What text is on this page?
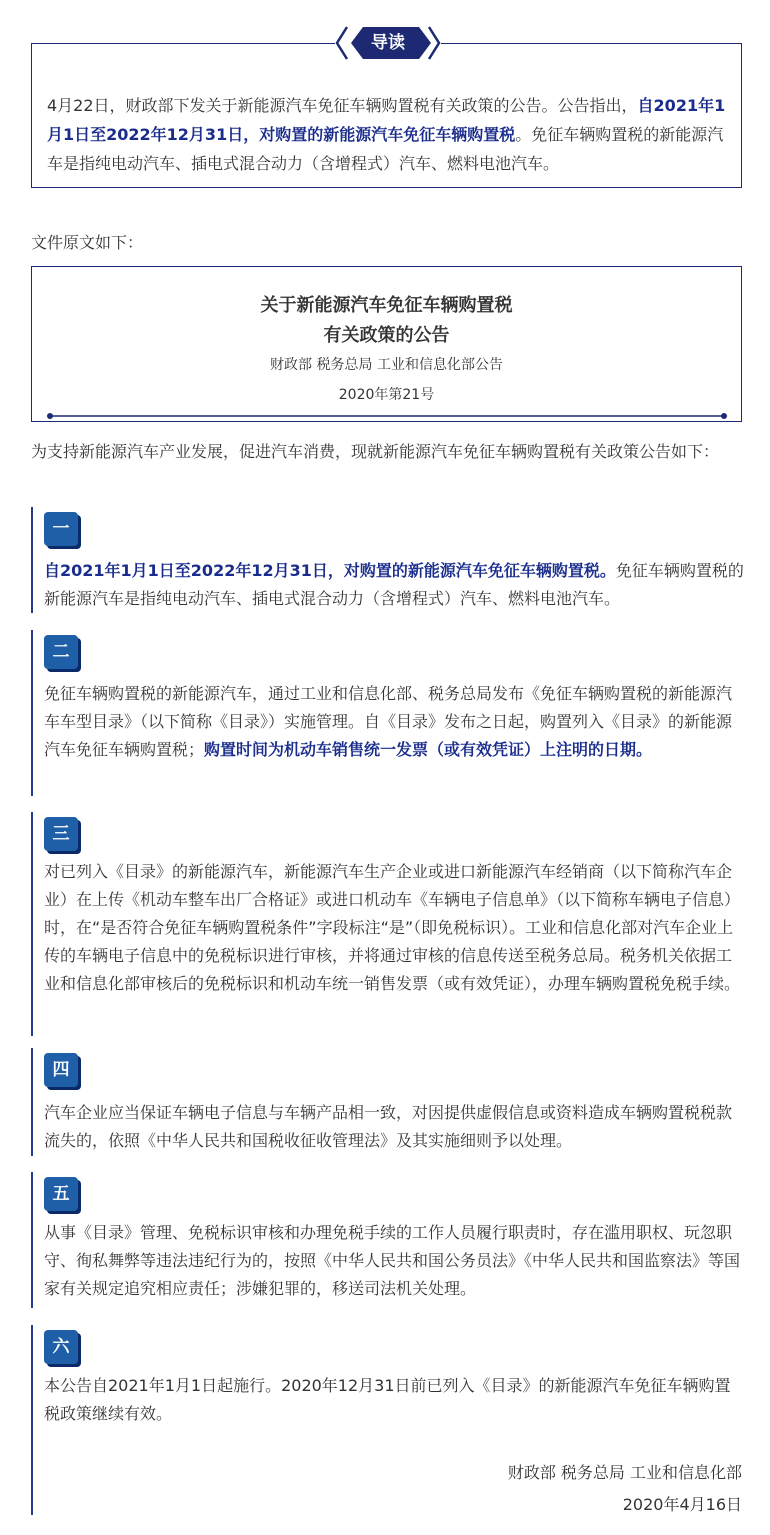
导读
4月22日，财政部下发关于新能源汽车免征车辆购置税有关政策的公告。公告指出，自2021年1月1日至2022年12月31日，对购置的新能源汽车免征车辆购置税。免征车辆购置税的新能源汽车是指纯电动汽车、插电式混合动力（含增程式）汽车、燃料电池汽车。
文件原文如下：
关于新能源汽车免征车辆购置税
有关政策的公告
财政部 税务总局 工业和信息化部公告
2020年第21号
为支持新能源汽车产业发展，促进汽车消费，现就新能源汽车免征车辆购置税有关政策公告如下：
一
自2021年1月1日至2022年12月31日，对购置的新能源汽车免征车辆购置税。免征车辆购置税的新能源汽车是指纯电动汽车、插电式混合动力（含增程式）汽车、燃料电池汽车。
二
免征车辆购置税的新能源汽车，通过工业和信息化部、税务总局发布《免征车辆购置税的新能源汽车车型目录》（以下简称《目录》）实施管理。自《目录》发布之日起，购置列入《目录》的新能源汽车免征车辆购置税；购置时间为机动车销售统一发票（或有效凭证）上注明的日期。
三
对已列入《目录》的新能源汽车，新能源汽车生产企业或进口新能源汽车经销商（以下简称汽车企业）在上传《机动车整车出厂合格证》或进口机动车《车辆电子信息单》（以下简称车辆电子信息）时，在“是否符合免征车辆购置税条件”字段标注“是”（即免税标识）。工业和信息化部对汽车企业上传的车辆电子信息中的免税标识进行审核，并将通过审核的信息传送至税务总局。税务机关依据工业和信息化部审核后的免税标识和机动车统一销售发票（或有效凭证），办理车辆购置税免税手续。
四
汽车企业应当保证车辆电子信息与车辆产品相一致，对因提供虚假信息或资料造成车辆购置税税款流失的，依照《中华人民共和国税收征收管理法》及其实施细则予以处理。
五
从事《目录》管理、免税标识审核和办理免税手续的工作人员履行职责时，存在滥用职权、玩忽职守、徇私舞弊等违法违纪行为的，按照《中华人民共和国公务员法》《中华人民共和国监察法》等国家有关规定追究相应责任；涉嫌犯罪的，移送司法机关处理。
六
本公告自2021年1月1日起施行。2020年12月31日前已列入《目录》的新能源汽车免征车辆购置税政策继续有效。
财政部 税务总局 工业和信息化部
2020年4月16日
